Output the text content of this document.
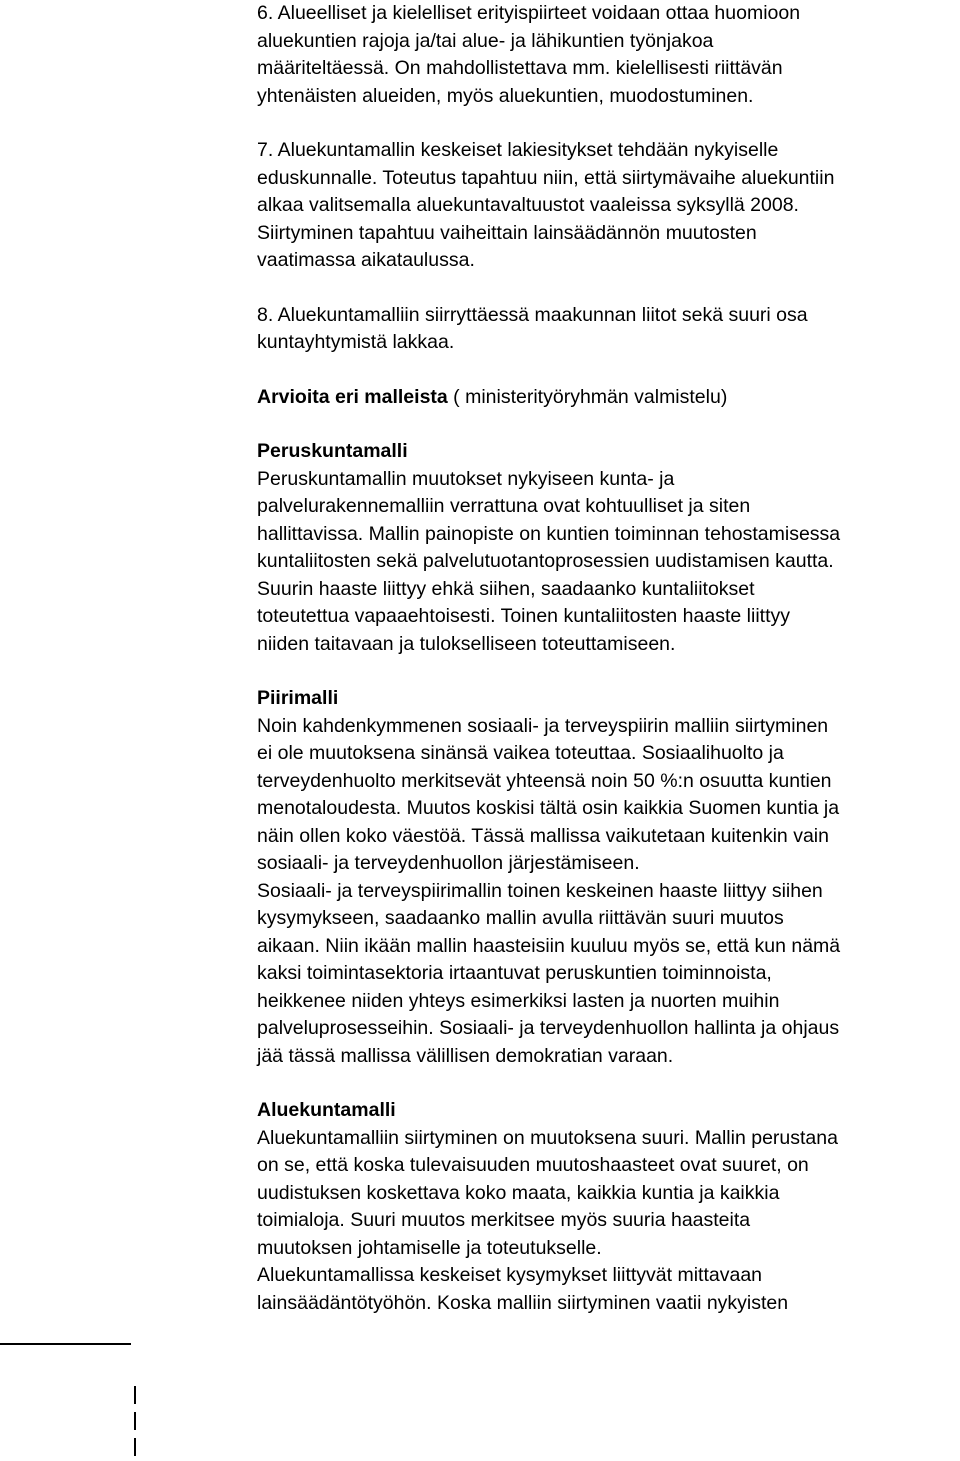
6. Alueelliset ja kielelliset erityispiirteet voidaan ottaa huomioon
aluekuntien rajoja ja/tai alue- ja lähikuntien työnjakoa
määriteltäessä. On mahdollistettava mm. kielellisesti riittävän
yhtenäisten alueiden, myös aluekuntien, muodostuminen.

7. Aluekuntamallin keskeiset lakiesitykset tehdään nykyiselle
eduskunnalle. Toteutus tapahtuu niin, että siirtymävaihe aluekuntiin
alkaa valitsemalla aluekuntavaltuustot vaaleissa syksyllä 2008.
Siirtyminen tapahtuu vaiheittain lainsäädännön muutosten
vaatimassa aikataulussa.

8. Aluekuntamalliin siirryttäessä maakunnan liitot sekä suuri osa
kuntayhtymistä lakkaa.

Arvioita eri malleista ( ministerityöryhmän valmistelu)

Peruskuntamalli
Peruskuntamallin muutokset nykyiseen kunta- ja
palvelurakennemalliin verrattuna ovat kohtuulliset ja siten
hallittavissa. Mallin painopiste on kuntien toiminnan tehostamisessa
kuntaliitosten sekä palvelutuotantoprosessien uudistamisen kautta.
Suurin haaste liittyy ehkä siihen, saadaanko kuntaliitokset
toteutettua vapaaehtoisesti. Toinen kuntaliitosten haaste liittyy
niiden taitavaan ja tulokselliseen toteuttamiseen.

Piirimalli
Noin kahdenkymmenen sosiaali- ja terveyspiirin malliin siirtyminen
ei ole muutoksena sinänsä vaikea toteuttaa. Sosiaalihuolto ja
terveydenhuolto merkitsevät yhteensä noin 50 %:n osuutta kuntien
menotaloudesta. Muutos koskisi tältä osin kaikkia Suomen kuntia ja
näin ollen koko väestöä. Tässä mallissa vaikutetaan kuitenkin vain
sosiaali- ja terveydenhuollon järjestämiseen.
Sosiaali- ja terveyspiirimallin toinen keskeinen haaste liittyy siihen
kysymykseen, saadaanko mallin avulla riittävän suuri muutos
aikaan. Niin ikään mallin haasteisiin kuuluu myös se, että kun nämä
kaksi toimintasektoria irtaantuvat peruskuntien toiminnoista,
heikkenee niiden yhteys esimerkiksi lasten ja nuorten muihin
palveluprosesseihin. Sosiaali- ja terveydenhuollon hallinta ja ohjaus
jää tässä mallissa välillisen demokratian varaan.

Aluekuntamalli
Aluekuntamalliin siirtyminen on muutoksena suuri. Mallin perustana
on se, että koska tulevaisuuden muutoshaasteet ovat suuret, on
uudistuksen koskettava koko maata, kaikkia kuntia ja kaikkia
toimialoja. Suuri muutos merkitsee myös suuria haasteita
muutoksen johtamiselle ja toteutukselle.
Aluekuntamallissa keskeiset kysymykset liittyvät mittavaan
lainsäädäntötyöhön. Koska malliin siirtyminen vaatii nykyisten
